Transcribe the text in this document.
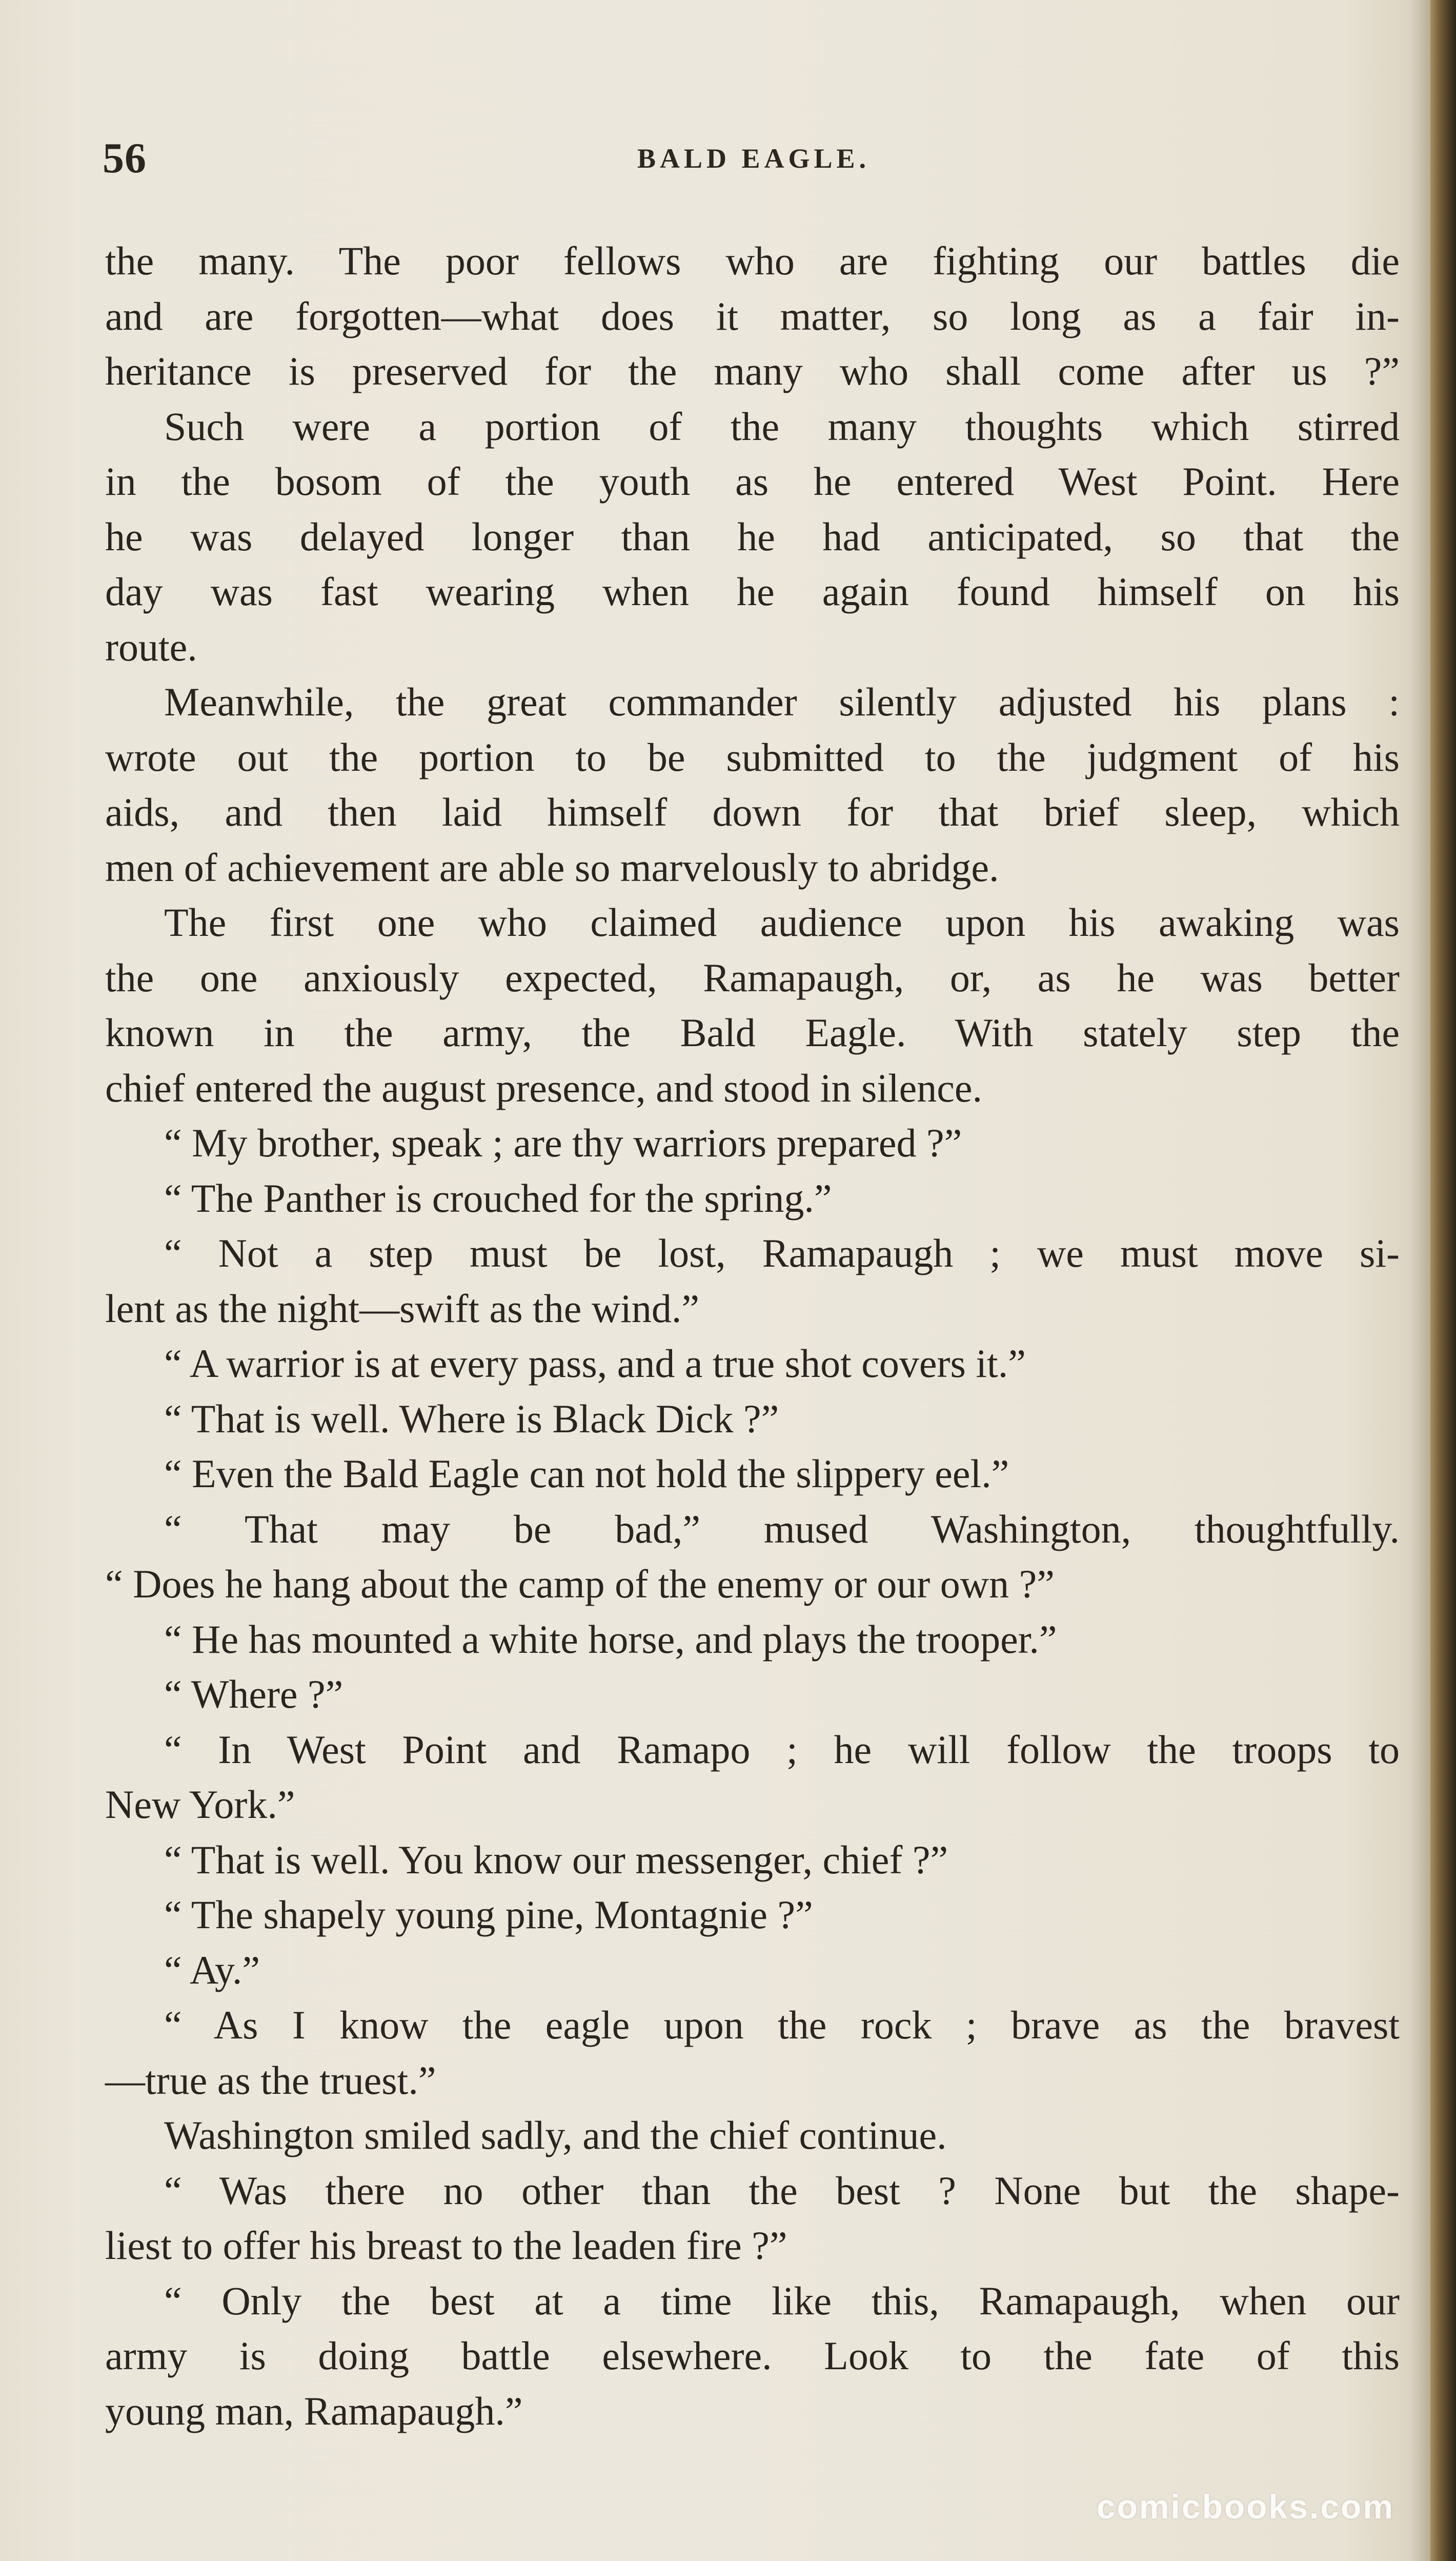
56	BALD EAGLE.
the many. The poor fellows who are fighting our battles die
and are forgotten—what does it matter, so long as a fair in-
heritance is preserved for the many who shall come after us ?”
Such were a portion of the many thoughts which stirred
in the bosom of the youth as he entered West Point. Here
he was delayed longer than he had anticipated, so that the
day was fast wearing when he again found himself on his
route.
Meanwhile, the great commander silently adjusted his plans :
wrote out the portion to be submitted to the judgment of his
aids, and then laid himself down for that brief sleep, which
men of achievement are able so marvelously to abridge.
The first one who claimed audience upon his awaking was
the one anxiously expected, Ramapaugh, or, as he was better
known in the army, the Bald Eagle. With stately step the
chief entered the august presence, and stood in silence.
“ My brother, speak ; are thy warriors prepared ?”
“ The Panther is crouched for the spring.”
“ Not a step must be lost, Ramapaugh ; we must move si-
lent as the night—swift as the wind.”
“ A warrior is at every pass, and a true shot covers it.”
“ That is well. Where is Black Dick ?”
“ Even the Bald Eagle can not hold the slippery eel.”
“ That may be bad,” mused Washington, thoughtfully.
“ Does he hang about the camp of the enemy or our own ?”
“ He has mounted a white horse, and plays the trooper.”
“ Where ?”
“ In West Point and Ramapo ; he will follow the troops to
New York.”
“ That is well. You know our messenger, chief ?”
“ The shapely young pine, Montagnie ?”
“ Ay.”
“ As I know the eagle upon the rock ; brave as the bravest
—true as the truest.”
Washington smiled sadly, and the chief continue.
“ Was there no other than the best ? None but the shape-
liest to offer his breast to the leaden fire ?”
“ Only the best at a time like this, Ramapaugh, when our
army is doing battle elsewhere. Look to the fate of this
young man, Ramapaugh.”
comicbooks.com
